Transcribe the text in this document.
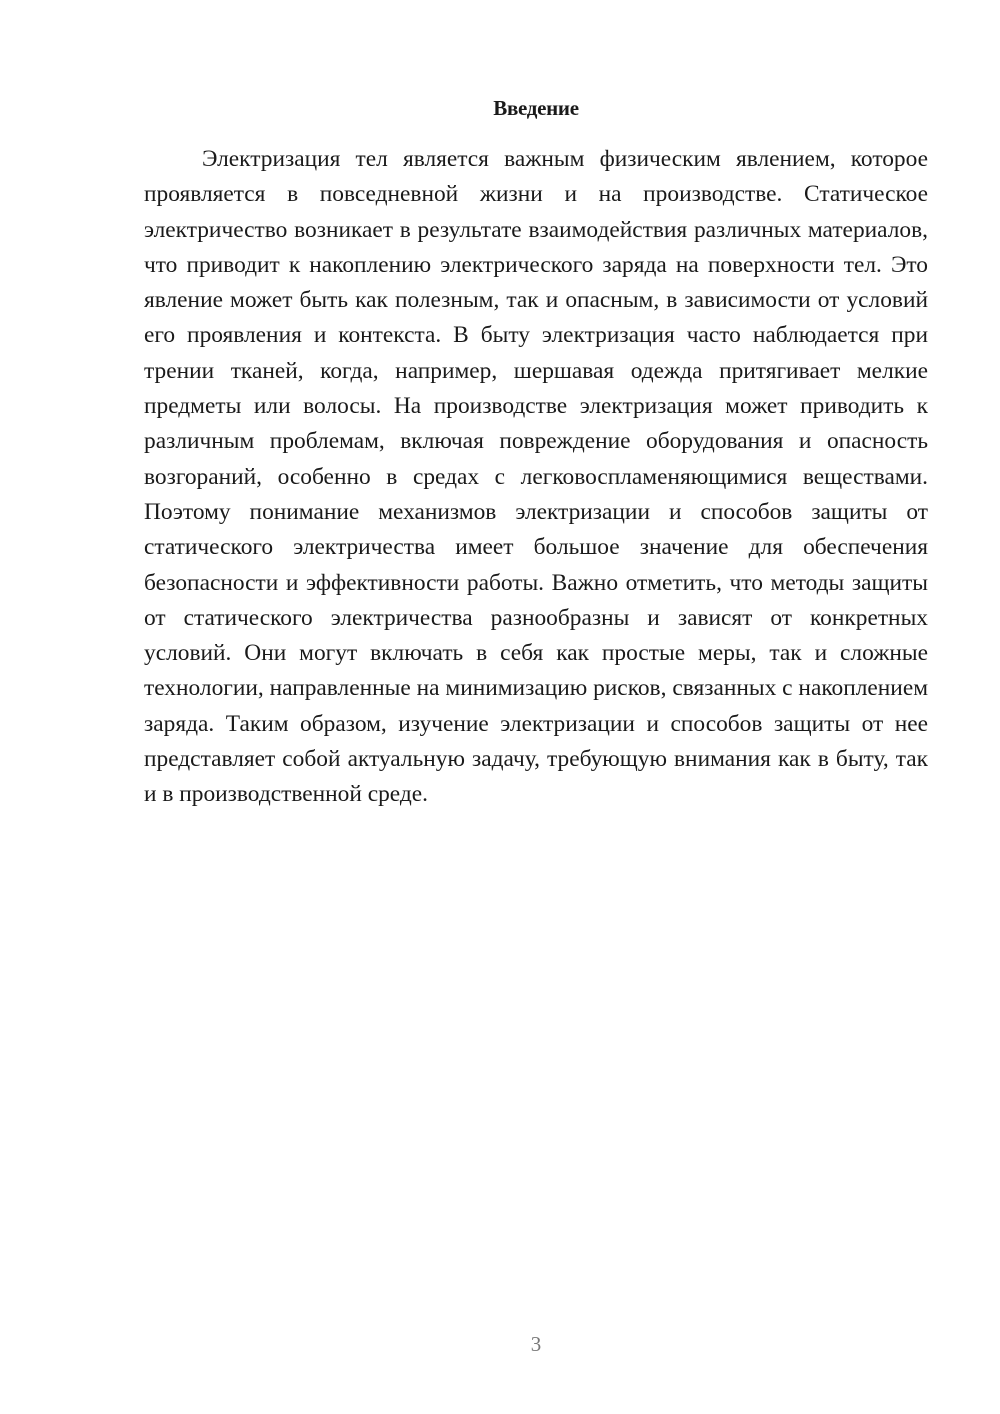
Введение

Электризация тел является важным физическим явлением, которое проявляется в повседневной жизни и на производстве. Статическое электричество возникает в результате взаимодействия различных материалов, что приводит к накоплению электрического заряда на поверхности тел. Это явление может быть как полезным, так и опасным, в зависимости от условий его проявления и контекста. В быту электризация часто наблюдается при трении тканей, когда, например, шершавая одежда притягивает мелкие предметы или волосы. На производстве электризация может приводить к различным проблемам, включая повреждение оборудования и опасность возгораний, особенно в средах с легковоспламеняющимися веществами. Поэтому понимание механизмов электризации и способов защиты от статического электричества имеет большое значение для обеспечения безопасности и эффективности работы. Важно отметить, что методы защиты от статического электричества разнообразны и зависят от конкретных условий. Они могут включать в себя как простые меры, так и сложные технологии, направленные на минимизацию рисков, связанных с накоплением заряда. Таким образом, изучение электризации и способов защиты от нее представляет собой актуальную задачу, требующую внимания как в быту, так и в производственной среде.

3
